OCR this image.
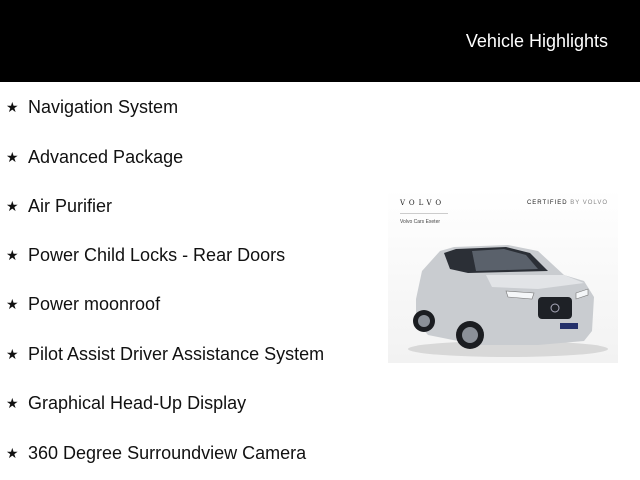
Vehicle Highlights
★ Navigation System
★ Advanced Package
★ Air Purifier
★ Power Child Locks - Rear Doors
★ Power moonroof
★ Pilot Assist Driver Assistance System
★ Graphical Head-Up Display
★ 360 Degree Surroundview Camera
VOLVO
Volvo Cars Exeter
CERTIFIED BY VOLVO
